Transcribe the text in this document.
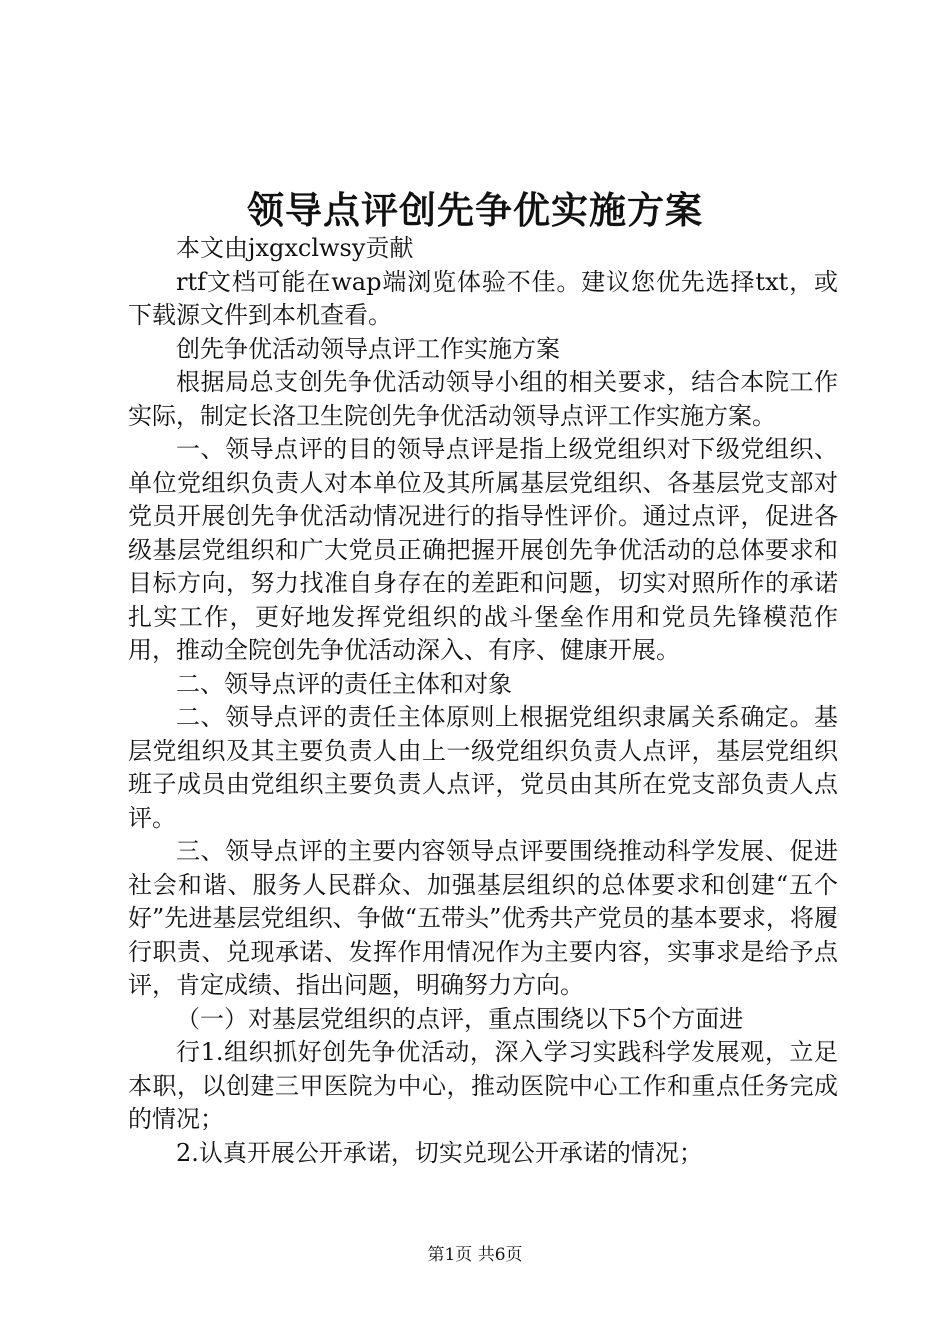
领导点评创先争优实施方案

本文由jxgxclwsy贡献

rtf文档可能在wap端浏览体验不佳。建议您优先选择txt，或下载源文件到本机查看。

创先争优活动领导点评工作实施方案

根据局总支创先争优活动领导小组的相关要求，结合本院工作实际，制定长洛卫生院创先争优活动领导点评工作实施方案。

一、领导点评的目的领导点评是指上级党组织对下级党组织、单位党组织负责人对本单位及其所属基层党组织、各基层党支部对党员开展创先争优活动情况进行的指导性评价。通过点评，促进各级基层党组织和广大党员正确把握开展创先争优活动的总体要求和目标方向，努力找准自身存在的差距和问题，切实对照所作的承诺扎实工作，更好地发挥党组织的战斗堡垒作用和党员先锋模范作用，推动全院创先争优活动深入、有序、健康开展。

二、领导点评的责任主体和对象

二、领导点评的责任主体原则上根据党组织隶属关系确定。基层党组织及其主要负责人由上一级党组织负责人点评，基层党组织班子成员由党组织主要负责人点评，党员由其所在党支部负责人点评。

三、领导点评的主要内容领导点评要围绕推动科学发展、促进社会和谐、服务人民群众、加强基层组织的总体要求和创建“五个好”先进基层党组织、争做“五带头”优秀共产党员的基本要求，将履行职责、兑现承诺、发挥作用情况作为主要内容，实事求是给予点评，肯定成绩、指出问题，明确努力方向。

（一）对基层党组织的点评，重点围绕以下5个方面进

行1.组织抓好创先争优活动，深入学习实践科学发展观，立足本职，以创建三甲医院为中心，推动医院中心工作和重点任务完成的情况；

2.认真开展公开承诺，切实兑现公开承诺的情况；

第1页 共6页
